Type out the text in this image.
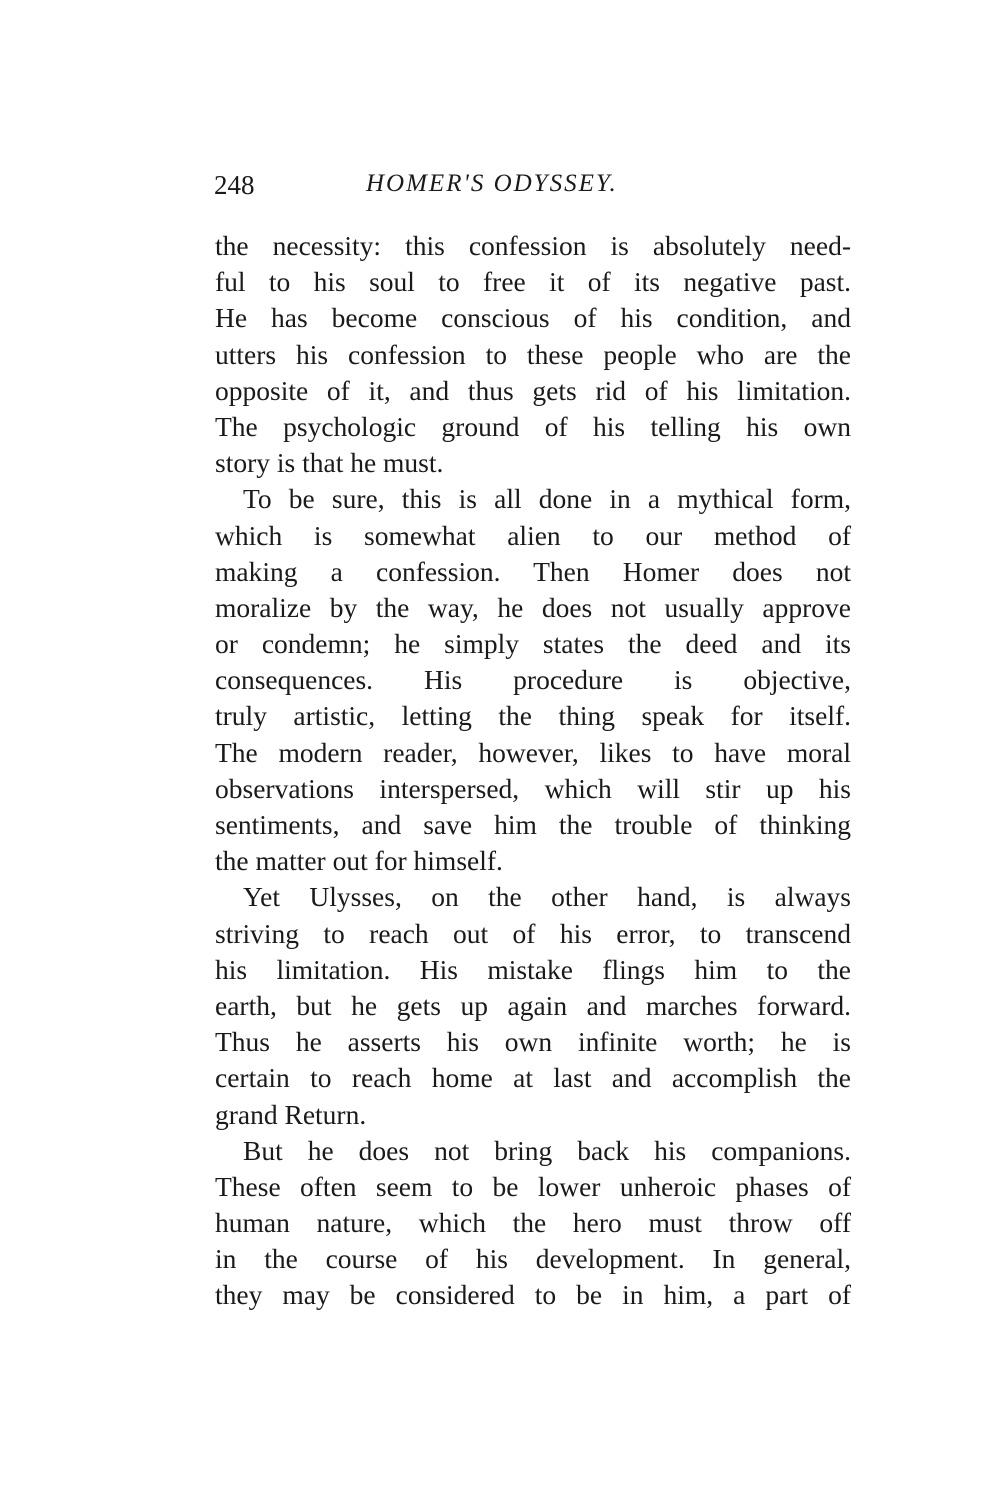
248	HOMER'S ODYSSEY.
the necessity: this confession is absolutely need-
ful to his soul to free it of its negative past.
He has become conscious of his condition, and
utters his confession to these people who are the
opposite of it, and thus gets rid of his limitation.
The psychologic ground of his telling his own
story is that he must.
To be sure, this is all done in a mythical form,
which is somewhat alien to our method of
making a confession. Then Homer does not
moralize by the way, he does not usually approve
or condemn; he simply states the deed and its
consequences. His procedure is objective,
truly artistic, letting the thing speak for itself.
The modern reader, however, likes to have moral
observations interspersed, which will stir up his
sentiments, and save him the trouble of thinking
the matter out for himself.
Yet Ulysses, on the other hand, is always
striving to reach out of his error, to transcend
his limitation. His mistake flings him to the
earth, but he gets up again and marches forward.
Thus he asserts his own infinite worth; he is
certain to reach home at last and accomplish the
grand Return.
But he does not bring back his companions.
These often seem to be lower unheroic phases of
human nature, which the hero must throw off
in the course of his development. In general,
they may be considered to be in him, a part of
